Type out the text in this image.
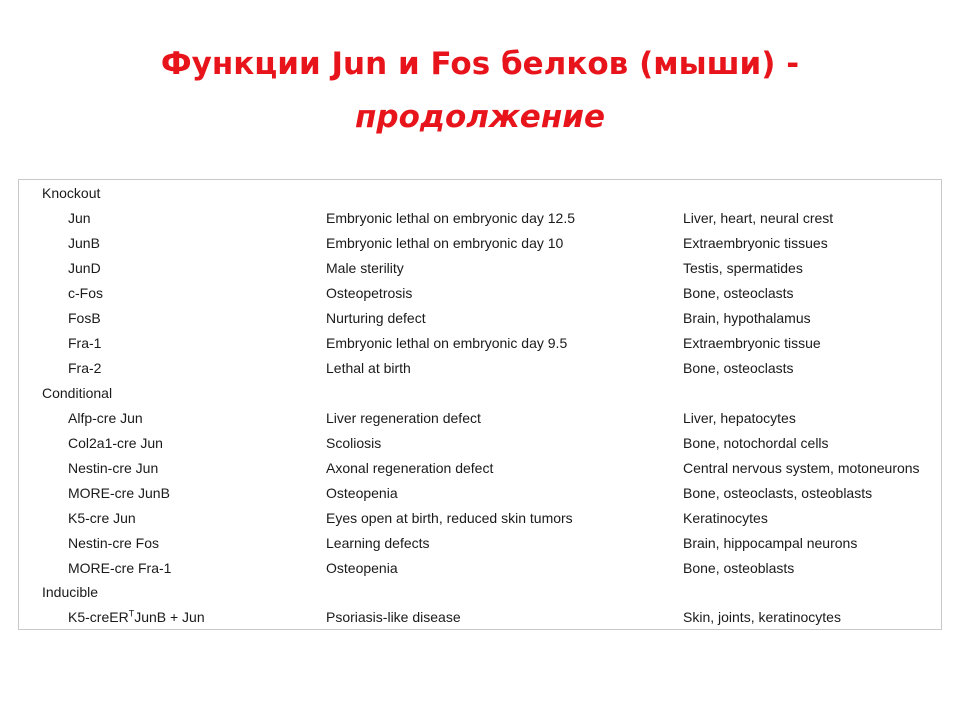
Функции Jun и Fos белков (мыши) -
продолжение
Knockout
Jun	Embryonic lethal on embryonic day 12.5	Liver, heart, neural crest
JunB	Embryonic lethal on embryonic day 10	Extraembryonic tissues
JunD	Male sterility	Testis, spermatides
c-Fos	Osteopetrosis	Bone, osteoclasts
FosB	Nurturing defect	Brain, hypothalamus
Fra-1	Embryonic lethal on embryonic day 9.5	Extraembryonic tissue
Fra-2	Lethal at birth	Bone, osteoclasts
Conditional
Alfp-cre Jun	Liver regeneration defect	Liver, hepatocytes
Col2a1-cre Jun	Scoliosis	Bone, notochordal cells
Nestin-cre Jun	Axonal regeneration defect	Central nervous system, motoneurons
MORE-cre JunB	Osteopenia	Bone, osteoclasts, osteoblasts
K5-cre Jun	Eyes open at birth, reduced skin tumors	Keratinocytes
Nestin-cre Fos	Learning defects	Brain, hippocampal neurons
MORE-cre Fra-1	Osteopenia	Bone, osteoblasts
Inducible
K5-creER$^T$JunB + Jun	Psoriasis-like disease	Skin, joints, keratinocytes
